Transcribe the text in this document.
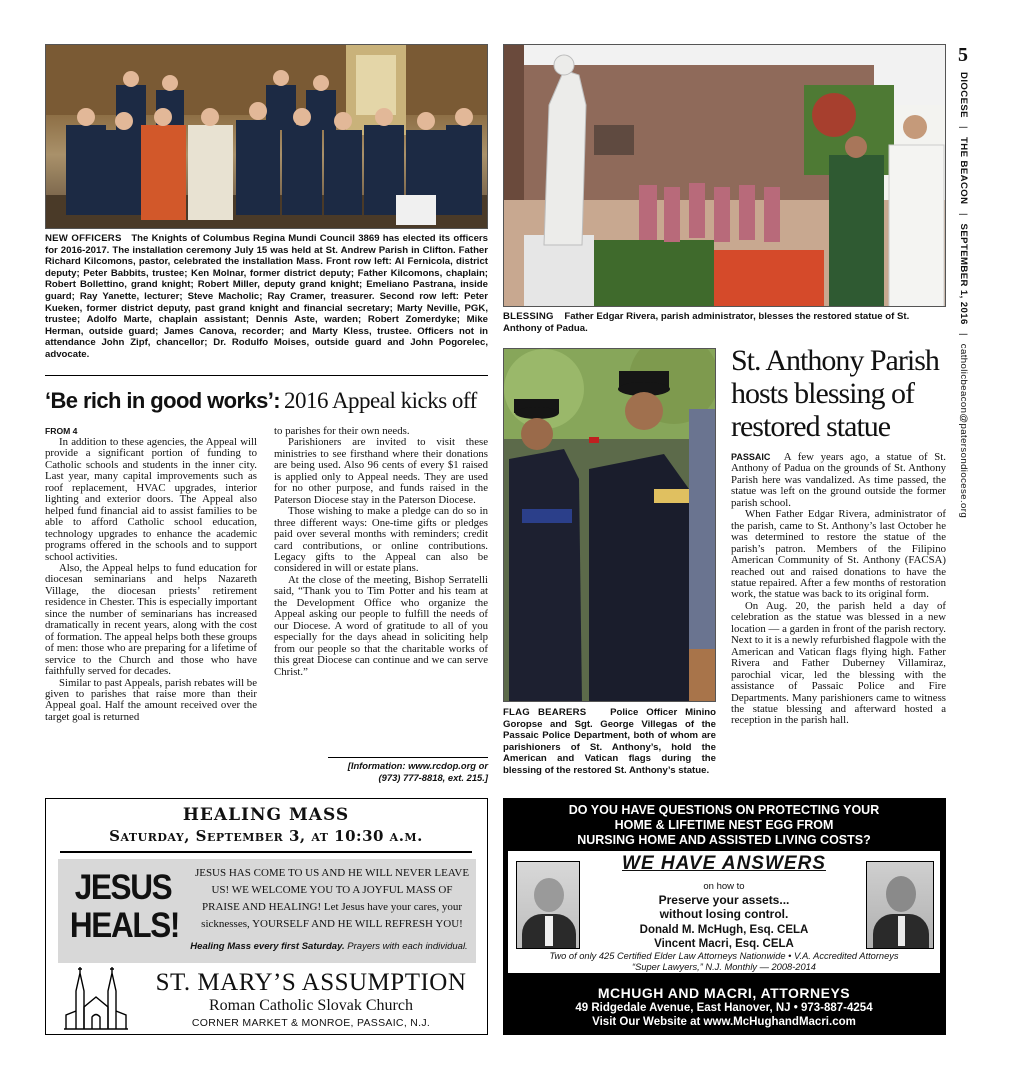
5
DIOCESE | THE BEACON | SEPTEMBER 1, 2016 | catholicbeacon@patersondiocese.org
NEW OFFICERS The Knights of Columbus Regina Mundi Council 3869 has elected its officers for 2016-2017. The installation ceremony July 15 was held at St. Andrew Parish in Clifton. Father Richard Kilcomons, pastor, celebrated the installation Mass. Front row left: Al Fernicola, district deputy; Peter Babbits, trustee; Ken Molnar, former district deputy; Father Kilcomons, chaplain; Robert Bollettino, grand knight; Robert Miller, deputy grand knight; Emeliano Pastrana, inside guard; Ray Yanette, lecturer; Steve Macholic; Ray Cramer, treasurer. Second row left: Peter Kueken, former district deputy, past grand knight and financial secretary; Marty Neville, PGK, trustee; Adolfo Marte, chaplain assistant; Dennis Aste, warden; Robert Zomerdyke; Mike Herman, outside guard; James Canova, recorder; and Marty Kless, trustee. Officers not in attendance John Zipf, chancellor; Dr. Rodulfo Moises, outside guard and John Pogorelec, advocate.
BLESSING Father Edgar Rivera, parish administrator, blesses the restored statue of St. Anthony of Padua.
‘Be rich in good works’: 2016 Appeal kicks off
FROM 4

In addition to these agencies, the Appeal will provide a significant portion of funding to Catholic schools and students in the inner city. Last year, many capital improvements such as roof replacement, HVAC upgrades, interior lighting and exterior doors. The Appeal also helped fund financial aid to assist families to be able to afford Catholic school education, technology upgrades to enhance the academic programs offered in the schools and to support school activities.

Also, the Appeal helps to fund education for diocesan seminarians and helps Nazareth Village, the diocesan priests’ retirement residence in Chester. This is especially important since the number of seminarians has increased dramatically in recent years, along with the cost of formation. The appeal helps both these groups of men: those who are preparing for a lifetime of service to the Church and those who have faithfully served for decades.

Similar to past Appeals, parish rebates will be given to parishes that raise more than their Appeal goal. Half the amount received over the target goal is returned

to parishes for their own needs.

Parishioners are invited to visit these ministries to see firsthand where their donations are being used. Also 96 cents of every $1 raised is applied only to Appeal needs. They are used for no other purpose, and funds raised in the Paterson Diocese stay in the Paterson Diocese.

Those wishing to make a pledge can do so in three different ways: One-time gifts or pledges paid over several months with reminders; credit card contributions, or online contributions. Legacy gifts to the Appeal can also be considered in will or estate plans.

At the close of the meeting, Bishop Serratelli said, “Thank you to Tim Potter and his team at the Development Office who organize the Appeal asking our people to fulfill the needs of our Diocese. A word of gratitude to all of you especially for the days ahead in soliciting help from our people so that the charitable works of this great Diocese can continue and we can serve Christ.”

[Information: www.rcdop.org or
(973) 777-8818, ext. 215.]
FLAG BEARERS Police Officer Minino Goropse and Sgt. George Villegas of the Passaic Police Department, both of whom are parishioners of St. Anthony’s, hold the American and Vatican flags during the blessing of the restored St. Anthony’s statue.
St. Anthony Parish
hosts blessing of
restored statue

PASSAIC A few years ago, a statue of St. Anthony of Padua on the grounds of St. Anthony Parish here was vandalized. As time passed, the statue was left on the ground outside the former parish school.

When Father Edgar Rivera, administrator of the parish, came to St. Anthony’s last October he was determined to restore the statue of the parish’s patron. Members of the Filipino American Community of St. Anthony (FACSA) reached out and raised donations to have the statue repaired. After a few months of restoration work, the statue was back to its original form.

On Aug. 20, the parish held a day of celebration as the statue was blessed in a new location — a garden in front of the parish rectory. Next to it is a newly refurbished flagpole with the American and Vatican flags flying high. Father Rivera and Father Duberney Villamiraz, parochial vicar, led the blessing with the assistance of Passaic Police and Fire Departments. Many parishioners came to witness the statue blessing and afterward hosted a reception in the parish hall.

HEALING MASS
Saturday, September 3, at 10:30 a.m.
JESUS
HEALS!
JESUS HAS COME TO US AND HE WILL NEVER LEAVE US! WE WELCOME YOU TO A JOYFUL MASS OF PRAISE AND HEALING! Let Jesus have your cares, your sicknesses, YOURSELF AND HE WILL REFRESH YOU!
Healing Mass every first Saturday. Prayers with each individual.
ST. MARY’S ASSUMPTION
Roman Catholic Slovak Church
CORNER MARKET & MONROE, PASSAIC, N.J.
DO YOU HAVE QUESTIONS ON PROTECTING YOUR
HOME & LIFETIME NEST EGG FROM
NURSING HOME AND ASSISTED LIVING COSTS?
WE HAVE ANSWERS
on how to
Preserve your assets...
without losing control.
Donald M. McHugh, Esq. CELA
Vincent Macri, Esq. CELA
Two of only 425 Certified Elder Law Attorneys Nationwide • V.A. Accredited Attorneys
“Super Lawyers,” N.J. Monthly — 2008-2014
MCHUGH AND MACRI, ATTORNEYS
49 Ridgedale Avenue, East Hanover, NJ • 973-887-4254
Visit Our Website at www.McHughandMacri.com
